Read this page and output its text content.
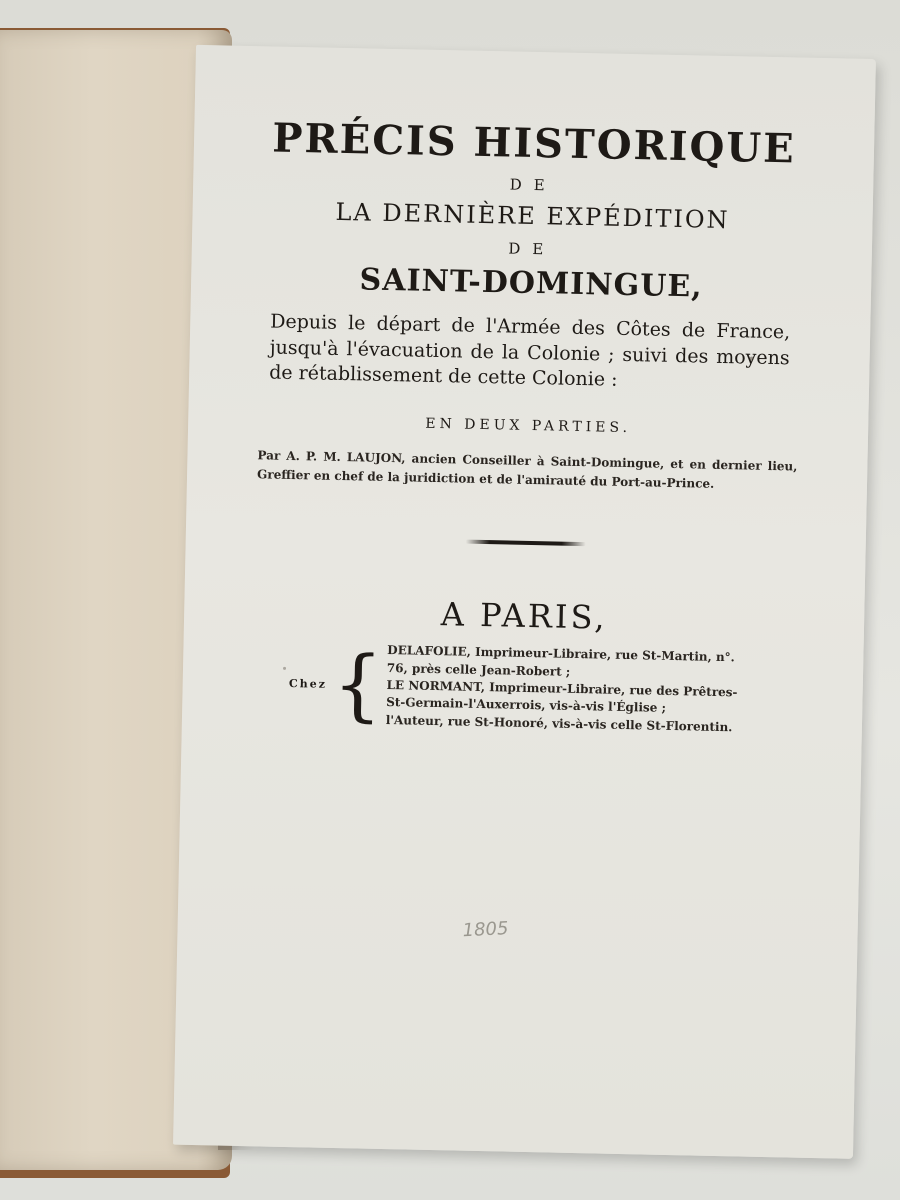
PRÉCIS HISTORIQUE
DE
LA DERNIÈRE EXPÉDITION
DE
SAINT-DOMINGUE,

Depuis le départ de l'Armée des Côtes de France, jusqu'à l'évacuation de la Colonie ; suivi des moyens de rétablissement de cette Colonie :

EN DEUX PARTIES.

Par A. P. M. LAUJON, ancien Conseiller à Saint-Domingue, et en dernier lieu, Greffier en chef de la juridiction et de l'amirauté du Port-au-Prince.

A PARIS,
Chez { DELAFOLIE, Imprimeur-Libraire, rue St-Martin, n°. 76, près celle Jean-Robert ;
LE NORMANT, Imprimeur-Libraire, rue des Prêtres-St-Germain-l'Auxerrois, vis-à-vis l'Église ;
l'Auteur, rue St-Honoré, vis-à-vis celle St-Florentin.
1805
